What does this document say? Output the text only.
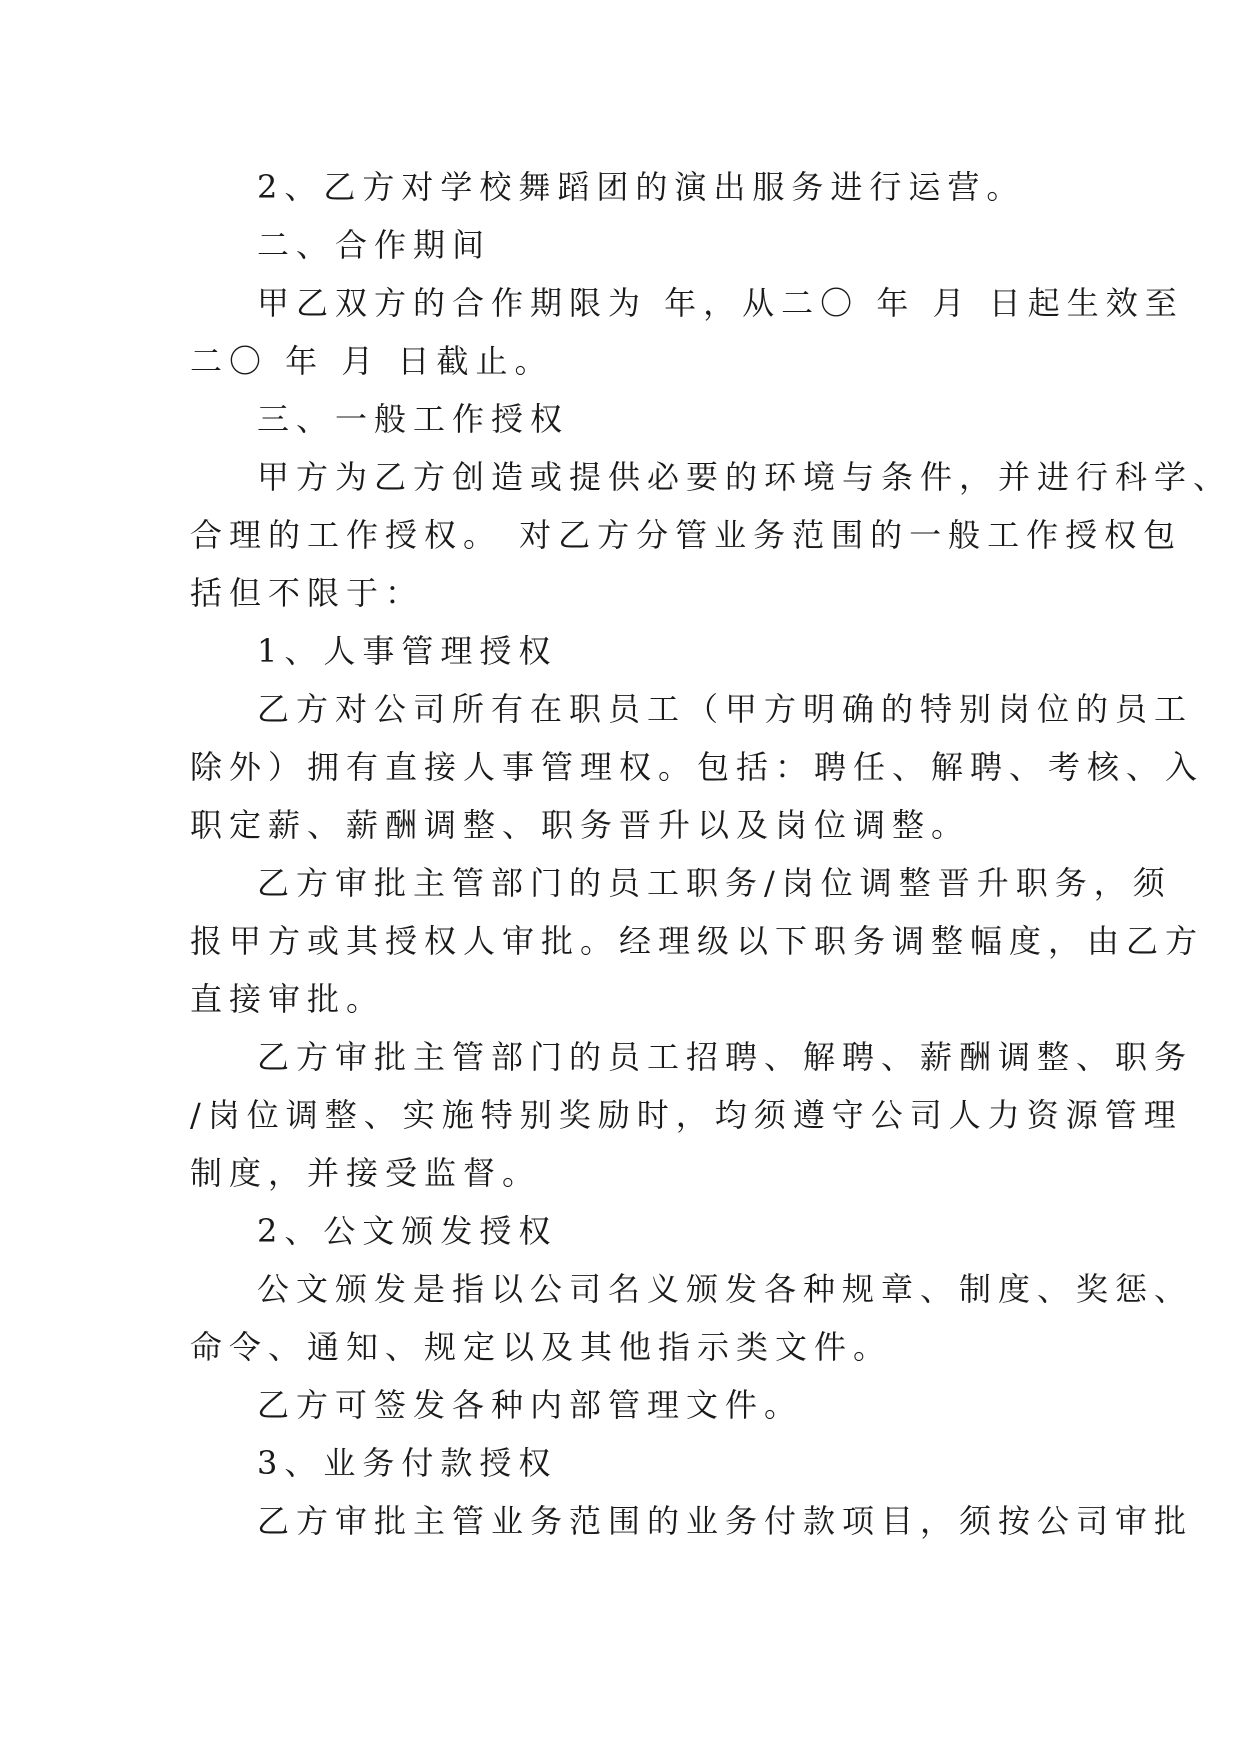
2、乙方对学校舞蹈团的演出服务进行运营。
二、合作期间
甲乙双方的合作期限为 年，从二〇 年 月 日起生效至
二〇 年 月 日截止。
三、一般工作授权
甲方为乙方创造或提供必要的环境与条件，并进行科学、
合理的工作授权。 对乙方分管业务范围的一般工作授权包
括但不限于：
1、人事管理授权
乙方对公司所有在职员工（甲方明确的特别岗位的员工
除外）拥有直接人事管理权。包括：聘任、解聘、考核、入
职定薪、薪酬调整、职务晋升以及岗位调整。
乙方审批主管部门的员工职务/岗位调整晋升职务，须
报甲方或其授权人审批。经理级以下职务调整幅度，由乙方
直接审批。
乙方审批主管部门的员工招聘、解聘、薪酬调整、职务
/岗位调整、实施特别奖励时，均须遵守公司人力资源管理
制度，并接受监督。
2、公文颁发授权
公文颁发是指以公司名义颁发各种规章、制度、奖惩、
命令、通知、规定以及其他指示类文件。
乙方可签发各种内部管理文件。
3、业务付款授权
乙方审批主管业务范围的业务付款项目，须按公司审批
